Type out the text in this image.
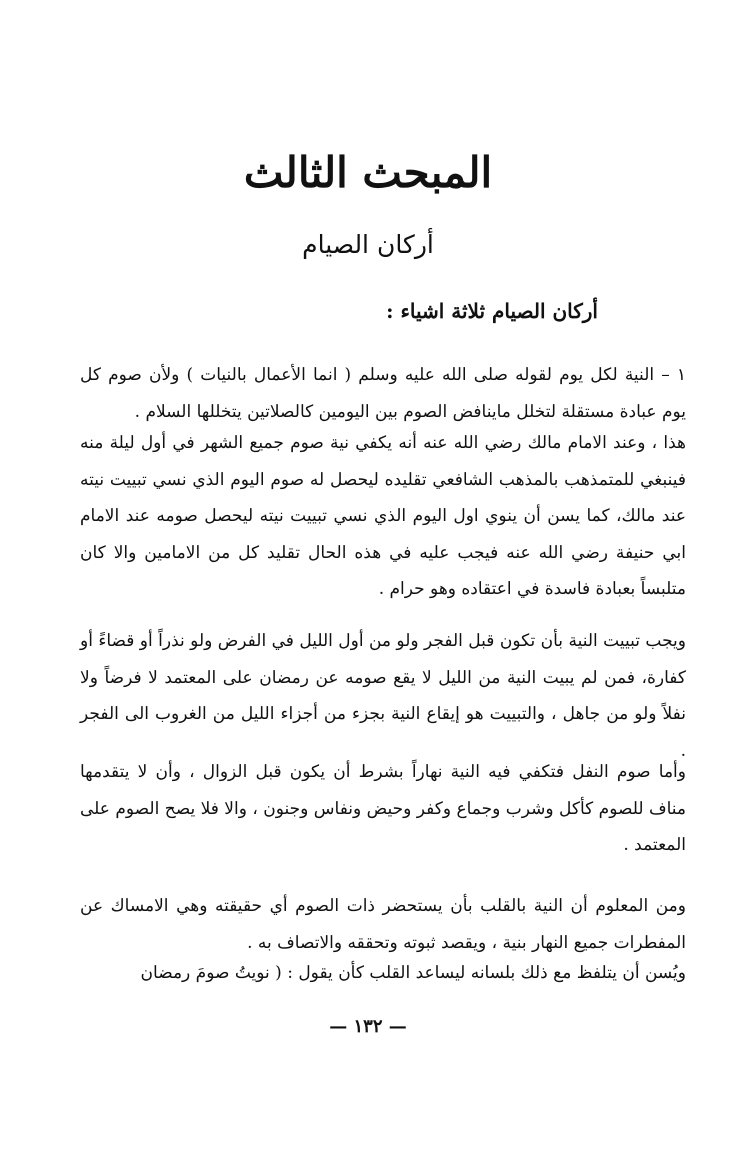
المبحث الثالث
أركان الصيام
أركان الصيام ثلاثة اشياء :

١ – النية لكل يوم لقوله صلى الله عليه وسلم ( انما الأعمال بالنيات ) ولأن صوم كل يوم عبادة مستقلة لتخلل ماينافض الصوم بين اليومين كالصلاتين يتخللها السلام .

هذا ، وعند الامام مالك رضي الله عنه أنه يكفي نية صوم جميع الشهر في أول ليلة منه فينبغي للمتمذهب بالمذهب الشافعي تقليده ليحصل له صوم اليوم الذي نسي تبييت نيته عند مالك، كما يسن أن ينوي اول اليوم الذي نسي تبييت نيته ليحصل صومه عند الامام ابي حنيفة رضي الله عنه فيجب عليه في هذه الحال تقليد كل من الامامين والا كان متلبساً بعبادة فاسدة في اعتقاده وهو حرام .

ويجب تبييت النية بأن تكون قبل الفجر ولو من أول الليل في الفرض ولو نذراً أو قضاءً أو كفارة، فمن لم يبيت النية من الليل لا يقع صومه عن رمضان على المعتمد لا فرضاً ولا نفلاً ولو من جاهل ، والتبييت هو إيقاع النية بجزء من أجزاء الليل من الغروب الى الفجر .

وأما صوم النفل فتكفي فيه النية نهاراً بشرط أن يكون قبل الزوال ، وأن لا يتقدمها مناف للصوم كأكل وشرب وجماع وكفر وحيض ونفاس وجنون ، والا فلا يصح الصوم على المعتمد .

ومن المعلوم أن النية بالقلب بأن يستحضر ذات الصوم أي حقيقته وهي الامساك عن المفطرات جميع النهار بنية ، ويقصد ثبوته وتحققه والاتصاف به .

ويُسن أن يتلفظ مع ذلك بلسانه ليساعد القلب كأن يقول : ( نويتُ صومَ رمضان

— ١٣٢ —
